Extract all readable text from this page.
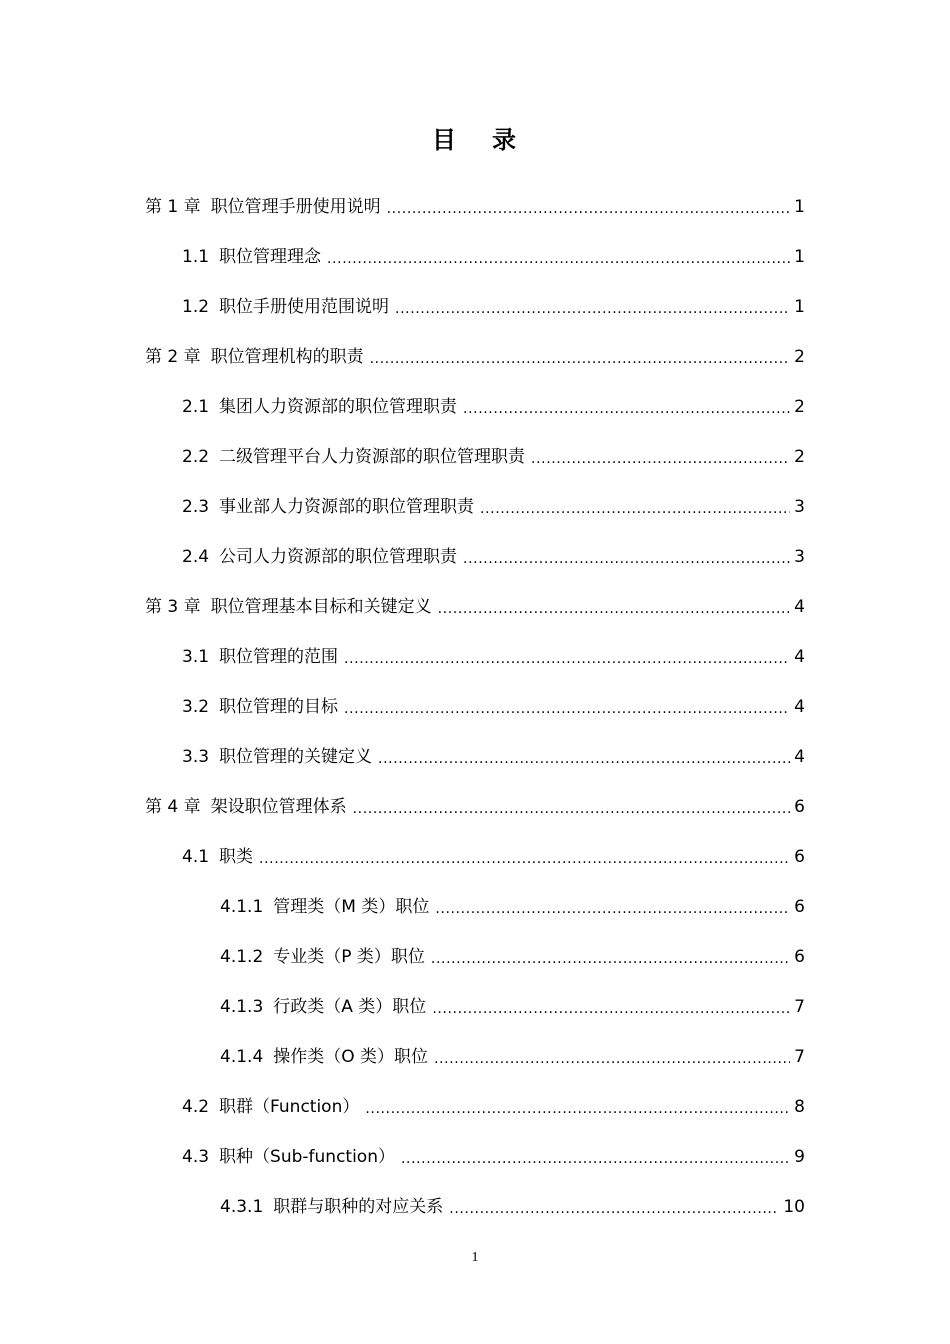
目 录
第 1 章 职位管理手册使用说明 .....	1
1.1 职位管理理念 .....	1
1.2 职位手册使用范围说明 .....	1
第 2 章 职位管理机构的职责 .....	2
2.1 集团人力资源部的职位管理职责 .....	2
2.2 二级管理平台人力资源部的职位管理职责 .....	2
2.3 事业部人力资源部的职位管理职责 .....	3
2.4 公司人力资源部的职位管理职责 .....	3
第 3 章 职位管理基本目标和关键定义 .....	4
3.1 职位管理的范围 .....	4
3.2 职位管理的目标 .....	4
3.3 职位管理的关键定义 .....	4
第 4 章 架设职位管理体系 .....	6
4.1 职类 .....	6
4.1.1 管理类（M 类）职位 .....	6
4.1.2 专业类（P 类）职位 .....	6
4.1.3 行政类（A 类）职位 .....	7
4.1.4 操作类（O 类）职位 .....	7
4.2 职群（Function） .....	8
4.3 职种（Sub-function） .....	9
4.3.1 职群与职种的对应关系 .....	10
1
